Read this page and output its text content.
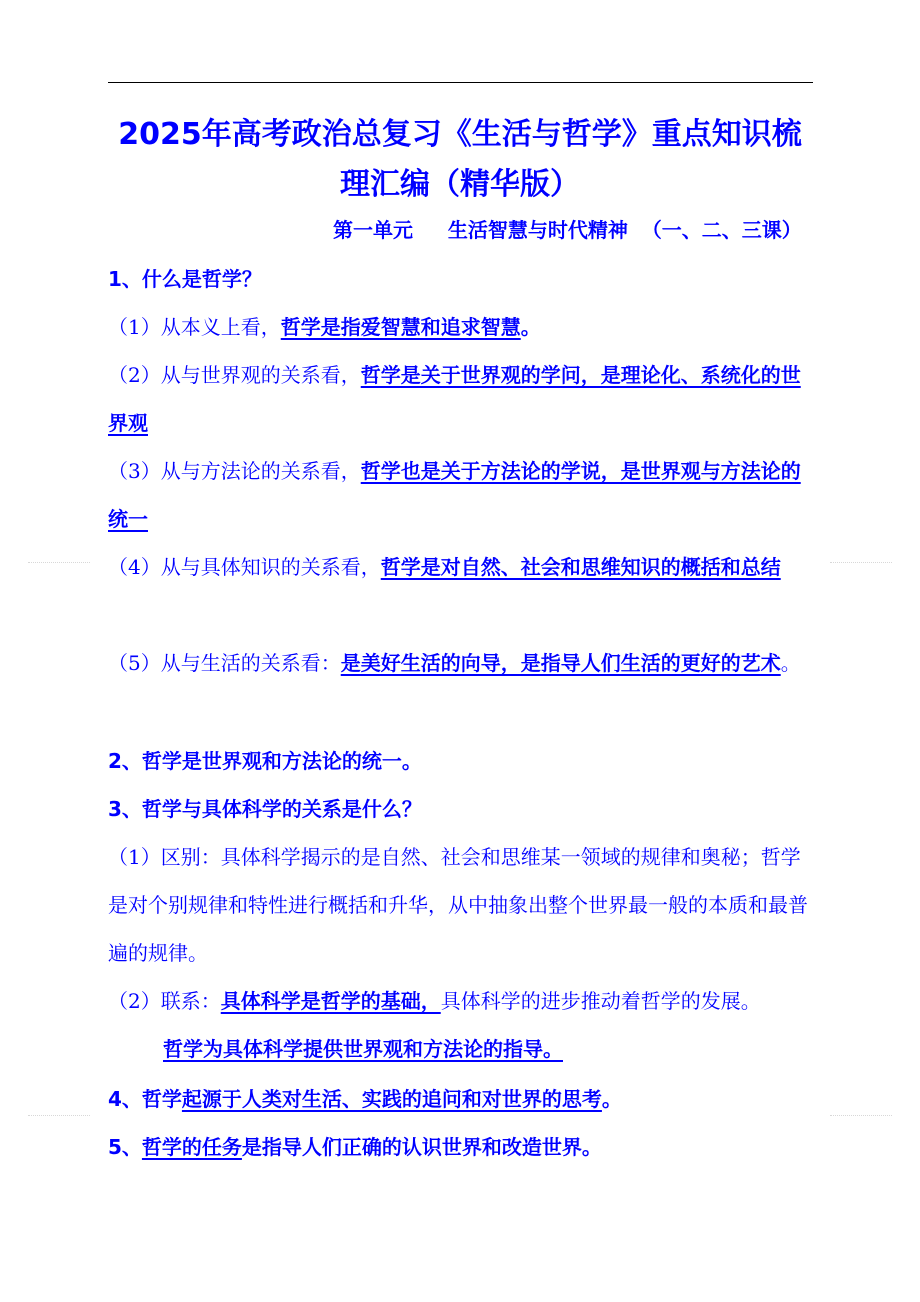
2025年高考政治总复习《生活与哲学》重点知识梳
理汇编（精华版）
第一单元     生活智慧与时代精神  （一、二、三课）
1、什么是哲学？
（1）从本义上看，哲学是指爱智慧和追求智慧。
（2）从与世界观的关系看，哲学是关于世界观的学问，是理论化、系统化的世界观
（3）从与方法论的关系看，哲学也是关于方法论的学说，是世界观与方法论的统一
（4）从与具体知识的关系看，哲学是对自然、社会和思维知识的概括和总结
（5）从与生活的关系看：是美好生活的向导，是指导人们生活的更好的艺术。
2、哲学是世界观和方法论的统一。
3、哲学与具体科学的关系是什么？
（1）区别：具体科学揭示的是自然、社会和思维某一领域的规律和奥秘；哲学是对个别规律和特性进行概括和升华，从中抽象出整个世界最一般的本质和最普遍的规律。
（2）联系：具体科学是哲学的基础，具体科学的进步推动着哲学的发展。
哲学为具体科学提供世界观和方法论的指导。
4、哲学起源于人类对生活、实践的追问和对世界的思考。
5、哲学的任务是指导人们正确的认识世界和改造世界。
